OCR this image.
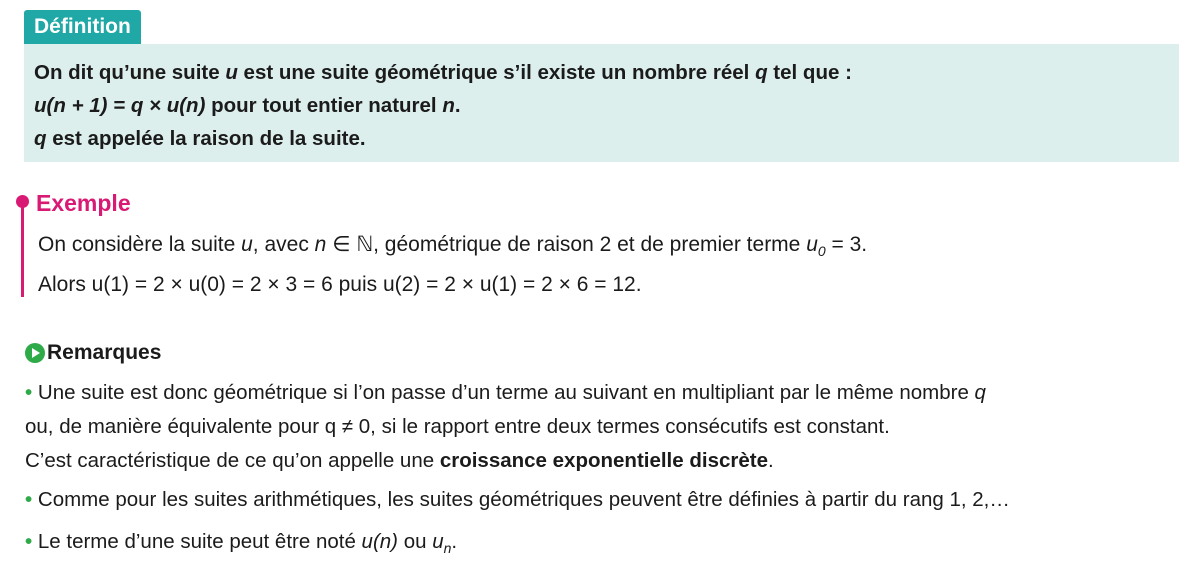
Définition
On dit qu’une suite u est une suite géométrique s’il existe un nombre réel q tel que :
u(n + 1) = q × u(n) pour tout entier naturel n.
q est appelée la raison de la suite.
Exemple
On considère la suite u, avec n ∈ ℕ, géométrique de raison 2 et de premier terme $u_0 = 3$.
Alors u(1) = 2 × u(0) = 2 × 3 = 6 puis u(2) = 2 × u(1) = 2 × 6 = 12.
Remarques
• Une suite est donc géométrique si l’on passe d’un terme au suivant en multipliant par le même nombre q
ou, de manière équivalente pour q ≠ 0, si le rapport entre deux termes consécutifs est constant.
C’est caractéristique de ce qu’on appelle une croissance exponentielle discrète.
• Comme pour les suites arithmétiques, les suites géométriques peuvent être définies à partir du rang 1, 2,…
• Le terme d’une suite peut être noté u(n) ou $u_n$.
